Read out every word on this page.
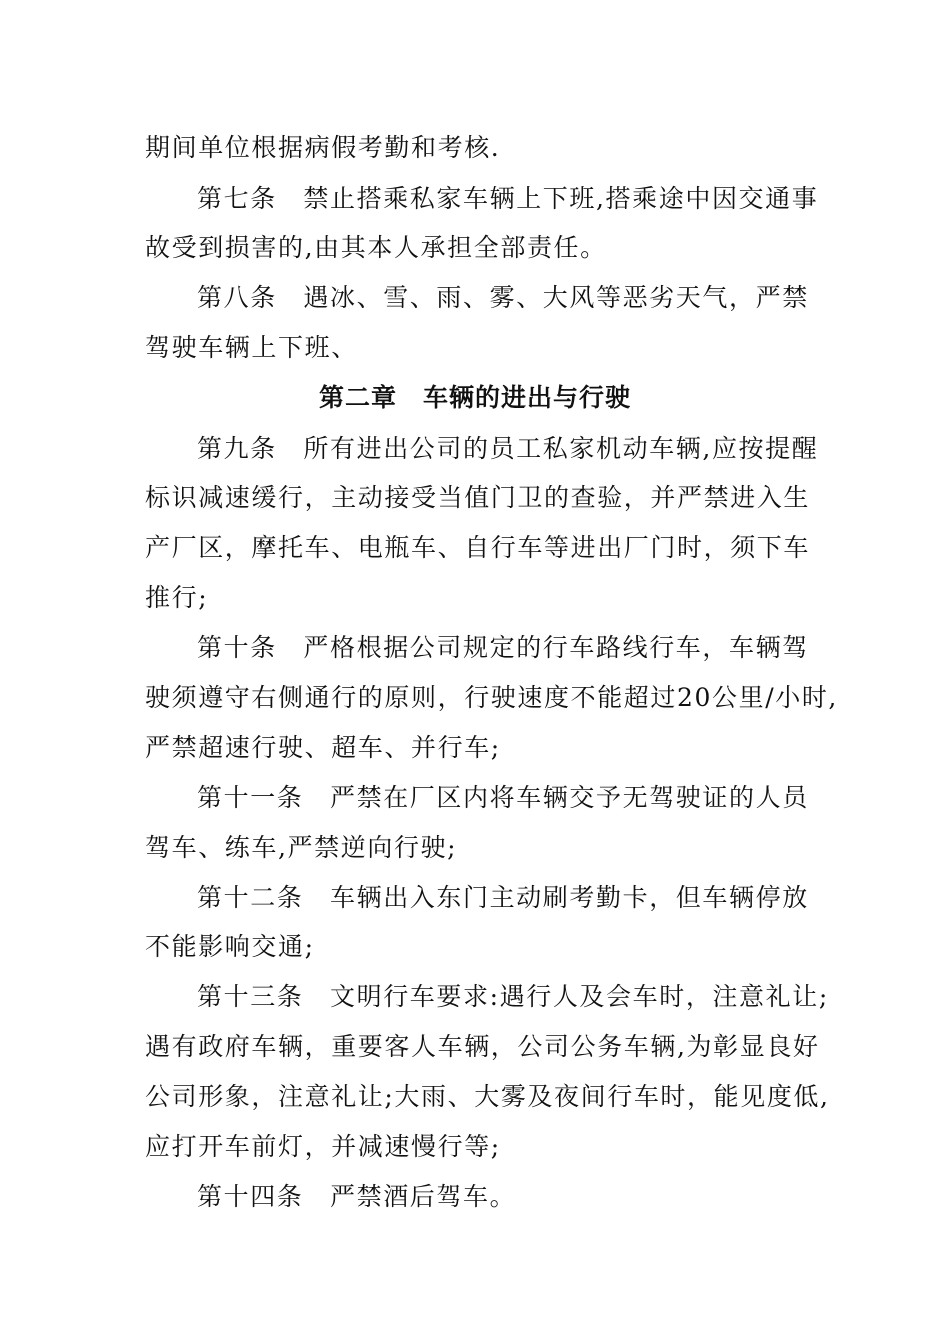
期间单位根据病假考勤和考核.
第七条　禁止搭乘私家车辆上下班,搭乘途中因交通事
故受到损害的,由其本人承担全部责任。
第八条　遇冰、雪、雨、雾、大风等恶劣天气，严禁
驾驶车辆上下班、
第二章　车辆的进出与行驶
第九条　所有进出公司的员工私家机动车辆,应按提醒
标识减速缓行，主动接受当值门卫的查验，并严禁进入生
产厂区，摩托车、电瓶车、自行车等进出厂门时，须下车
推行;
第十条　严格根据公司规定的行车路线行车，车辆驾
驶须遵守右侧通行的原则，行驶速度不能超过20公里/小时,
严禁超速行驶、超车、并行车;
第十一条　严禁在厂区内将车辆交予无驾驶证的人员
驾车、练车,严禁逆向行驶;
第十二条　车辆出入东门主动刷考勤卡，但车辆停放
不能影响交通;
第十三条　文明行车要求:遇行人及会车时，注意礼让;
遇有政府车辆，重要客人车辆，公司公务车辆,为彰显良好
公司形象，注意礼让;大雨、大雾及夜间行车时，能见度低,
应打开车前灯，并减速慢行等;
第十四条　严禁酒后驾车。
